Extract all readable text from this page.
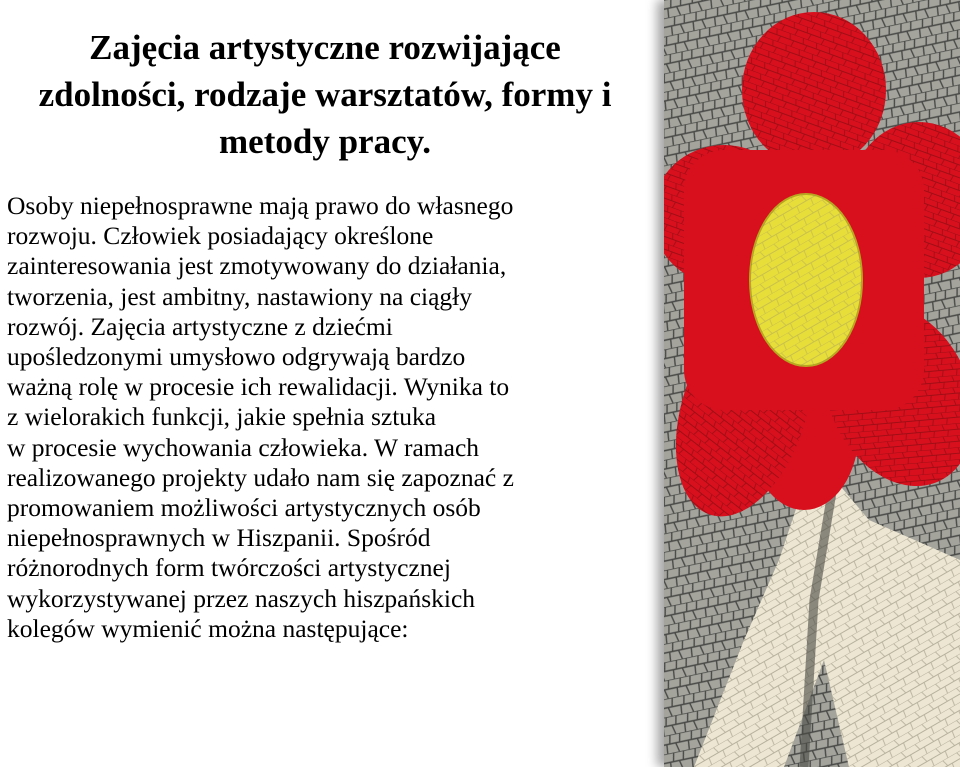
Zajęcia artystyczne rozwijające
zdolności, rodzaje warsztatów, formy i
metody pracy.

Osoby niepełnosprawne mają prawo do własnego
rozwoju. Człowiek posiadający określone
zainteresowania jest zmotywowany do działania,
tworzenia, jest ambitny, nastawiony na ciągły
rozwój. Zajęcia artystyczne z dziećmi
upośledzonymi umysłowo odgrywają bardzo
ważną rolę w procesie ich rewalidacji. Wynika to
z wielorakich funkcji, jakie spełnia sztuka
w procesie wychowania człowieka. W ramach
realizowanego projekty udało nam się zapoznać z
promowaniem możliwości artystycznych osób
niepełnosprawnych w Hiszpanii. Spośród
różnorodnych form twórczości artystycznej
wykorzystywanej przez naszych hiszpańskich
kolegów wymienić można następujące:
